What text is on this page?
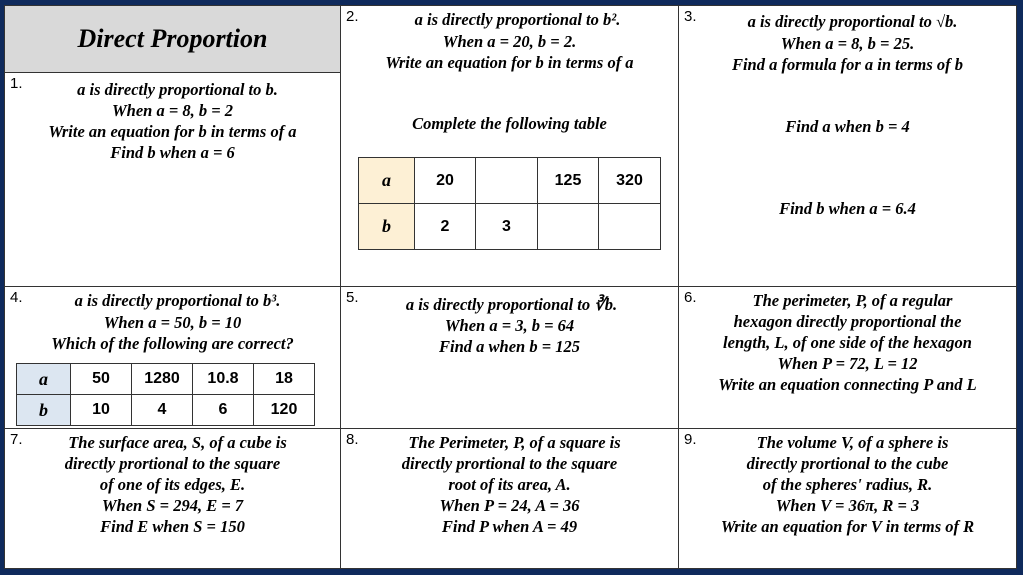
Direct Proportion
1.	a is directly proportional to b.
When a = 8, b = 2
Write an equation for b in terms of a
Find b when a = 6
2.	a is directly proportional to b².
When a = 20, b = 2.
Write an equation for b in terms of a
Complete the following table
a	20		125	320
b	2	3		
3.	a is directly proportional to √b.
When a = 8, b = 25.
Find a formula for a in terms of b
Find a when b = 4
Find b when a = 6.4
4.	a is directly proportional to b³.
When a = 50, b = 10
Which of the following are correct?
a	50	1280	10.8	18
b	10	4	6	120
5.	a is directly proportional to ∛b.
When a = 3, b = 64
Find a when b = 125
6.	The perimeter, P, of a regular
hexagon directly proportional the
length, L, of one side of the hexagon
When P = 72, L = 12
Write an equation connecting P and L
7.	The surface area, S, of a cube is
directly prortional to the square
of one of its edges, E.
When S = 294, E = 7
Find E when S = 150
8.	The Perimeter, P, of a square is
directly prortional to the square
root of its area, A.
When P = 24, A = 36
Find P when A = 49
9.	The volume V, of a sphere is
directly prortional to the cube
of the spheres' radius, R.
When V = 36π, R = 3
Write an equation for V in terms of R
